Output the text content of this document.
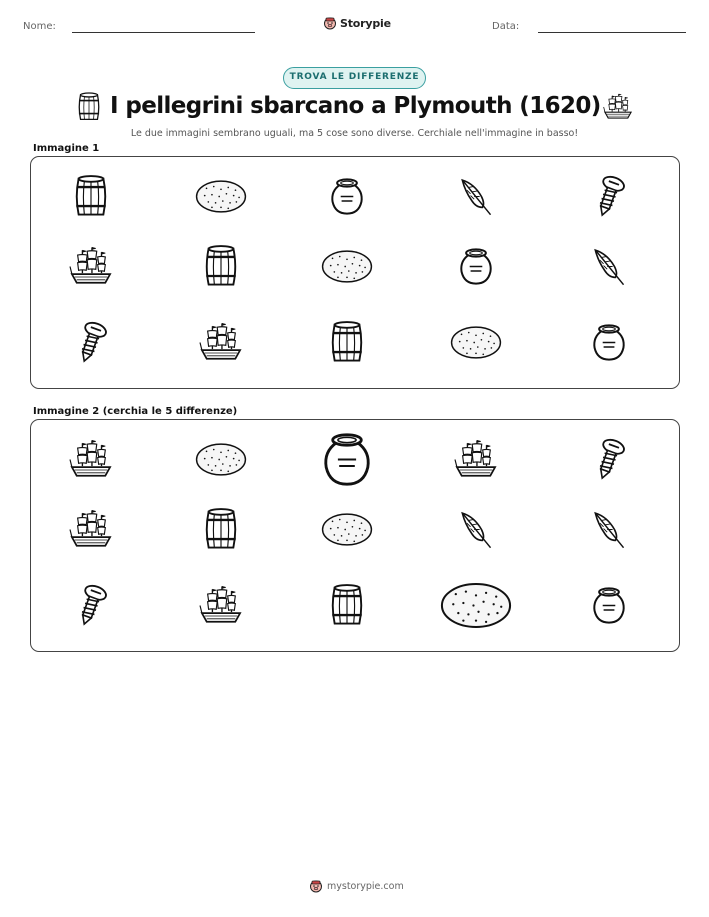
Nome:	Storypie	Data:
TROVA LE DIFFERENZE
I pellegrini sbarcano a Plymouth (1620)

Le due immagini sembrano uguali, ma 5 cose sono diverse. Cerchiale nell'immagine in basso!

Immagine 1
Immagine 2 (cerchia le 5 differenze)
mystorypie.com
